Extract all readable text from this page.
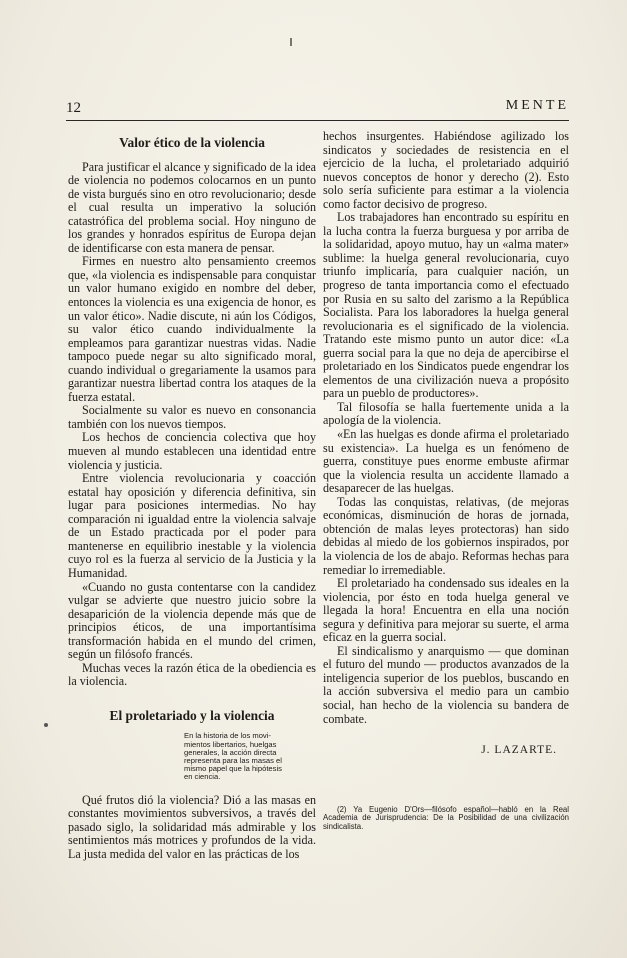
12	MENTE
Valor ético de la violencia

Para justificar el alcance y significado de la idea de violencia no podemos colocarnos en un punto de vista burgués sino en otro revolucionario; desde el cual resulta un imperativo la solución catastrófica del problema social. Hoy ninguno de los grandes y honrados espíritus de Europa dejan de identificarse con esta manera de pensar.

Firmes en nuestro alto pensamiento creemos que, «la violencia es indispensable para conquistar un valor humano exigido en nombre del deber, entonces la violencia es una exigencia de honor, es un valor ético». Nadie discute, ni aún los Códigos, su valor ético cuando individualmente la empleamos para garantizar nuestras vidas. Nadie tampoco puede negar su alto significado moral, cuando individual o gregariamente la usamos para garantizar nuestra libertad contra los ataques de la fuerza estatal.

Socialmente su valor es nuevo en consonancia también con los nuevos tiempos.

Los hechos de conciencia colectiva que hoy mueven al mundo establecen una identidad entre violencia y justicia.

Entre violencia revolucionaria y coacción estatal hay oposición y diferencia definitiva, sin lugar para posiciones intermedias. No hay comparación ni igualdad entre la violencia salvaje de un Estado practicada por el poder para mantenerse en equilibrio inestable y la violencia cuyo rol es la fuerza al servicio de la Justicia y la Humanidad.

«Cuando no gusta contentarse con la candidez vulgar se advierte que nuestro juicio sobre la desaparición de la violencia depende más que de principios éticos, de una importantísima transformación habida en el mundo del crimen, según un filósofo francés.

Muchas veces la razón ética de la obediencia es la violencia.

El proletariado y la violencia
En la historia de los movi-
mientos libertarios, huelgas
generales, la acción directa
representa para las masas el
mismo papel que la hipótesis
en ciencia.

Qué frutos dió la violencia? Dió a las masas en constantes movimientos subversivos, a través del pasado siglo, la solidaridad más admirable y los sentimientos más motrices y profundos de la vida. La justa medida del valor en las prácticas de los

hechos insurgentes. Habiéndose agilizado los sindicatos y sociedades de resistencia en el ejercicio de la lucha, el proletariado adquirió nuevos conceptos de honor y derecho (2). Esto solo sería suficiente para estimar a la violencia como factor decisivo de progreso.

Los trabajadores han encontrado su espíritu en la lucha contra la fuerza burguesa y por arriba de la solidaridad, apoyo mutuo, hay un «alma mater» sublime: la huelga general revolucionaria, cuyo triunfo implicaría, para cualquier nación, un progreso de tanta importancia como el efectuado por Rusia en su salto del zarismo a la República Socialista. Para los laboradores la huelga general revolucionaria es el significado de la violencia. Tratando este mismo punto un autor dice: «La guerra social para la que no deja de apercibirse el proletariado en los Sindicatos puede engendrar los elementos de una civilización nueva a propósito para un pueblo de productores».

Tal filosofía se halla fuertemente unida a la apología de la violencia.

«En las huelgas es donde afirma el proletariado su existencia». La huelga es un fenómeno de guerra, constituye pues enorme embuste afirmar que la violencia resulta un accidente llamado a desaparecer de las huelgas.

Todas las conquistas, relativas, (de mejoras económicas, disminución de horas de jornada, obtención de malas leyes protectoras) han sido debidas al miedo de los gobiernos inspirados, por la violencia de los de abajo. Reformas hechas para remediar lo irremediable.

El proletariado ha condensado sus ideales en la violencia, por ésto en toda huelga general ve llegada la hora! Encuentra en ella una noción segura y definitiva para mejorar su suerte, el arma eficaz en la guerra social.

El sindicalismo y anarquismo — que dominan el futuro del mundo — productos avanzados de la inteligencia superior de los pueblos, buscando en la acción subversiva el medio para un cambio social, han hecho de la violencia su bandera de combate.

J. LAZARTE.
(2) Ya Eugenio D'Ors—filósofo español—habló en la Real Academia de Jurisprudencia: De la Posibilidad de una civilización sindicalista.
